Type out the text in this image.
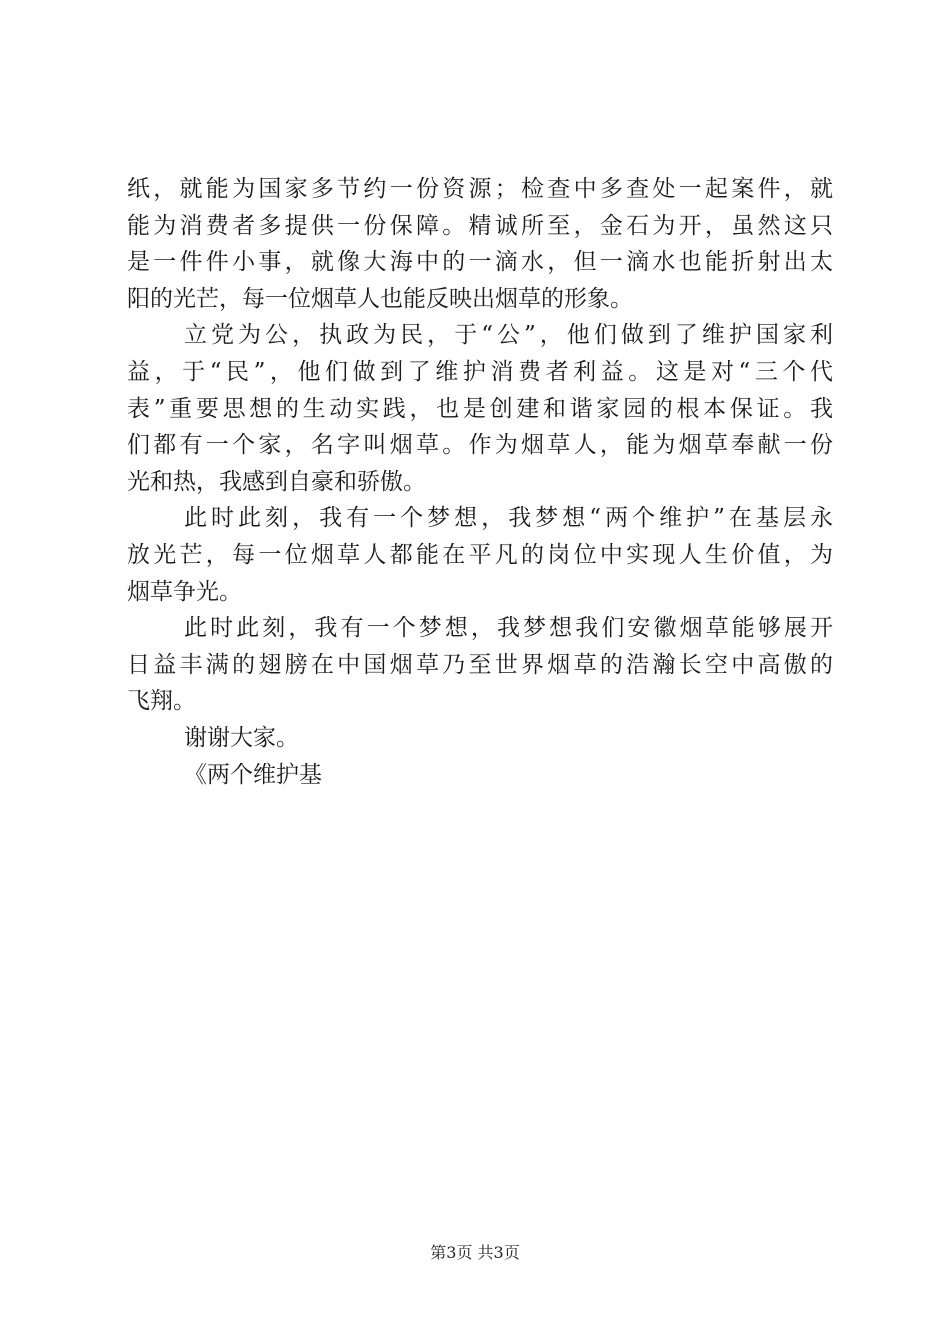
纸，就能为国家多节约一份资源；检查中多查处一起案件，就
能为消费者多提供一份保障。精诚所至，金石为开，虽然这只
是一件件小事，就像大海中的一滴水，但一滴水也能折射出太
阳的光芒，每一位烟草人也能反映出烟草的形象。
立党为公，执政为民，于“公”，他们做到了维护国家利
益，于“民”，他们做到了维护消费者利益。这是对“三个代
表”重要思想的生动实践，也是创建和谐家园的根本保证。我
们都有一个家，名字叫烟草。作为烟草人，能为烟草奉献一份
光和热，我感到自豪和骄傲。
此时此刻，我有一个梦想，我梦想“两个维护”在基层永
放光芒，每一位烟草人都能在平凡的岗位中实现人生价值，为
烟草争光。
此时此刻，我有一个梦想，我梦想我们安徽烟草能够展开
日益丰满的翅膀在中国烟草乃至世界烟草的浩瀚长空中高傲的
飞翔。
谢谢大家。
《两个维护基
第3页 共3页
